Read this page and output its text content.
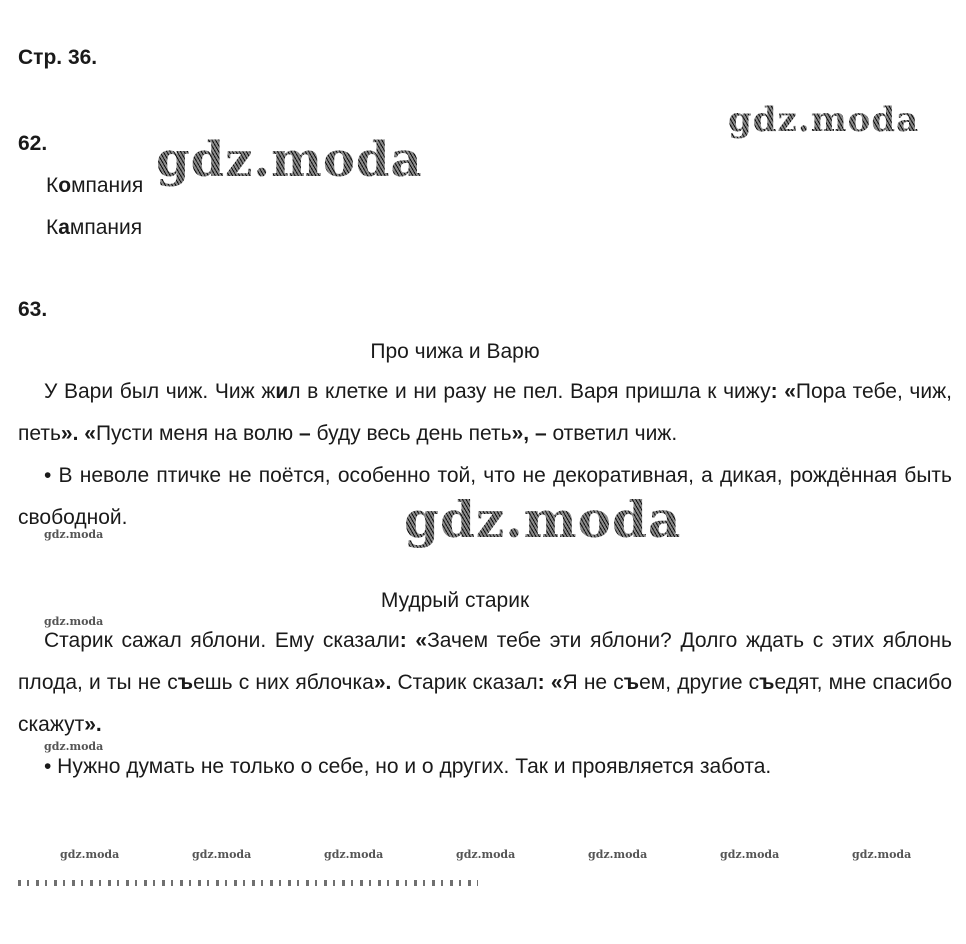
Стр. 36.
62.
Компания
Кампания
63.
Про чижа и Варю
У Вари был чиж. Чиж жил в клетке и ни разу не пел. Варя пришла к чижу: «Пора тебе, чиж, петь». «Пусти меня на волю – буду весь день петь», – ответил чиж.
• В неволе птичке не поётся, особенно той, что не декоративная, а дикая, рождённая быть свободной.
Мудрый старик
Старик сажал яблони. Ему сказали: «Зачем тебе эти яблони? Долго ждать с этих яблонь плода, и ты не съешь с них яблочка». Старик сказал: «Я не съем, другие съедят, мне спасибо скажут».
• Нужно думать не только о себе, но и о других. Так и проявляется забота.
gdz.moda
gdz.moda
gdz.moda
gdz.moda
gdz.moda
gdz.moda
gdz.moda	gdz.moda	gdz.moda	gdz.moda	gdz.moda	gdz.moda	gdz.moda
